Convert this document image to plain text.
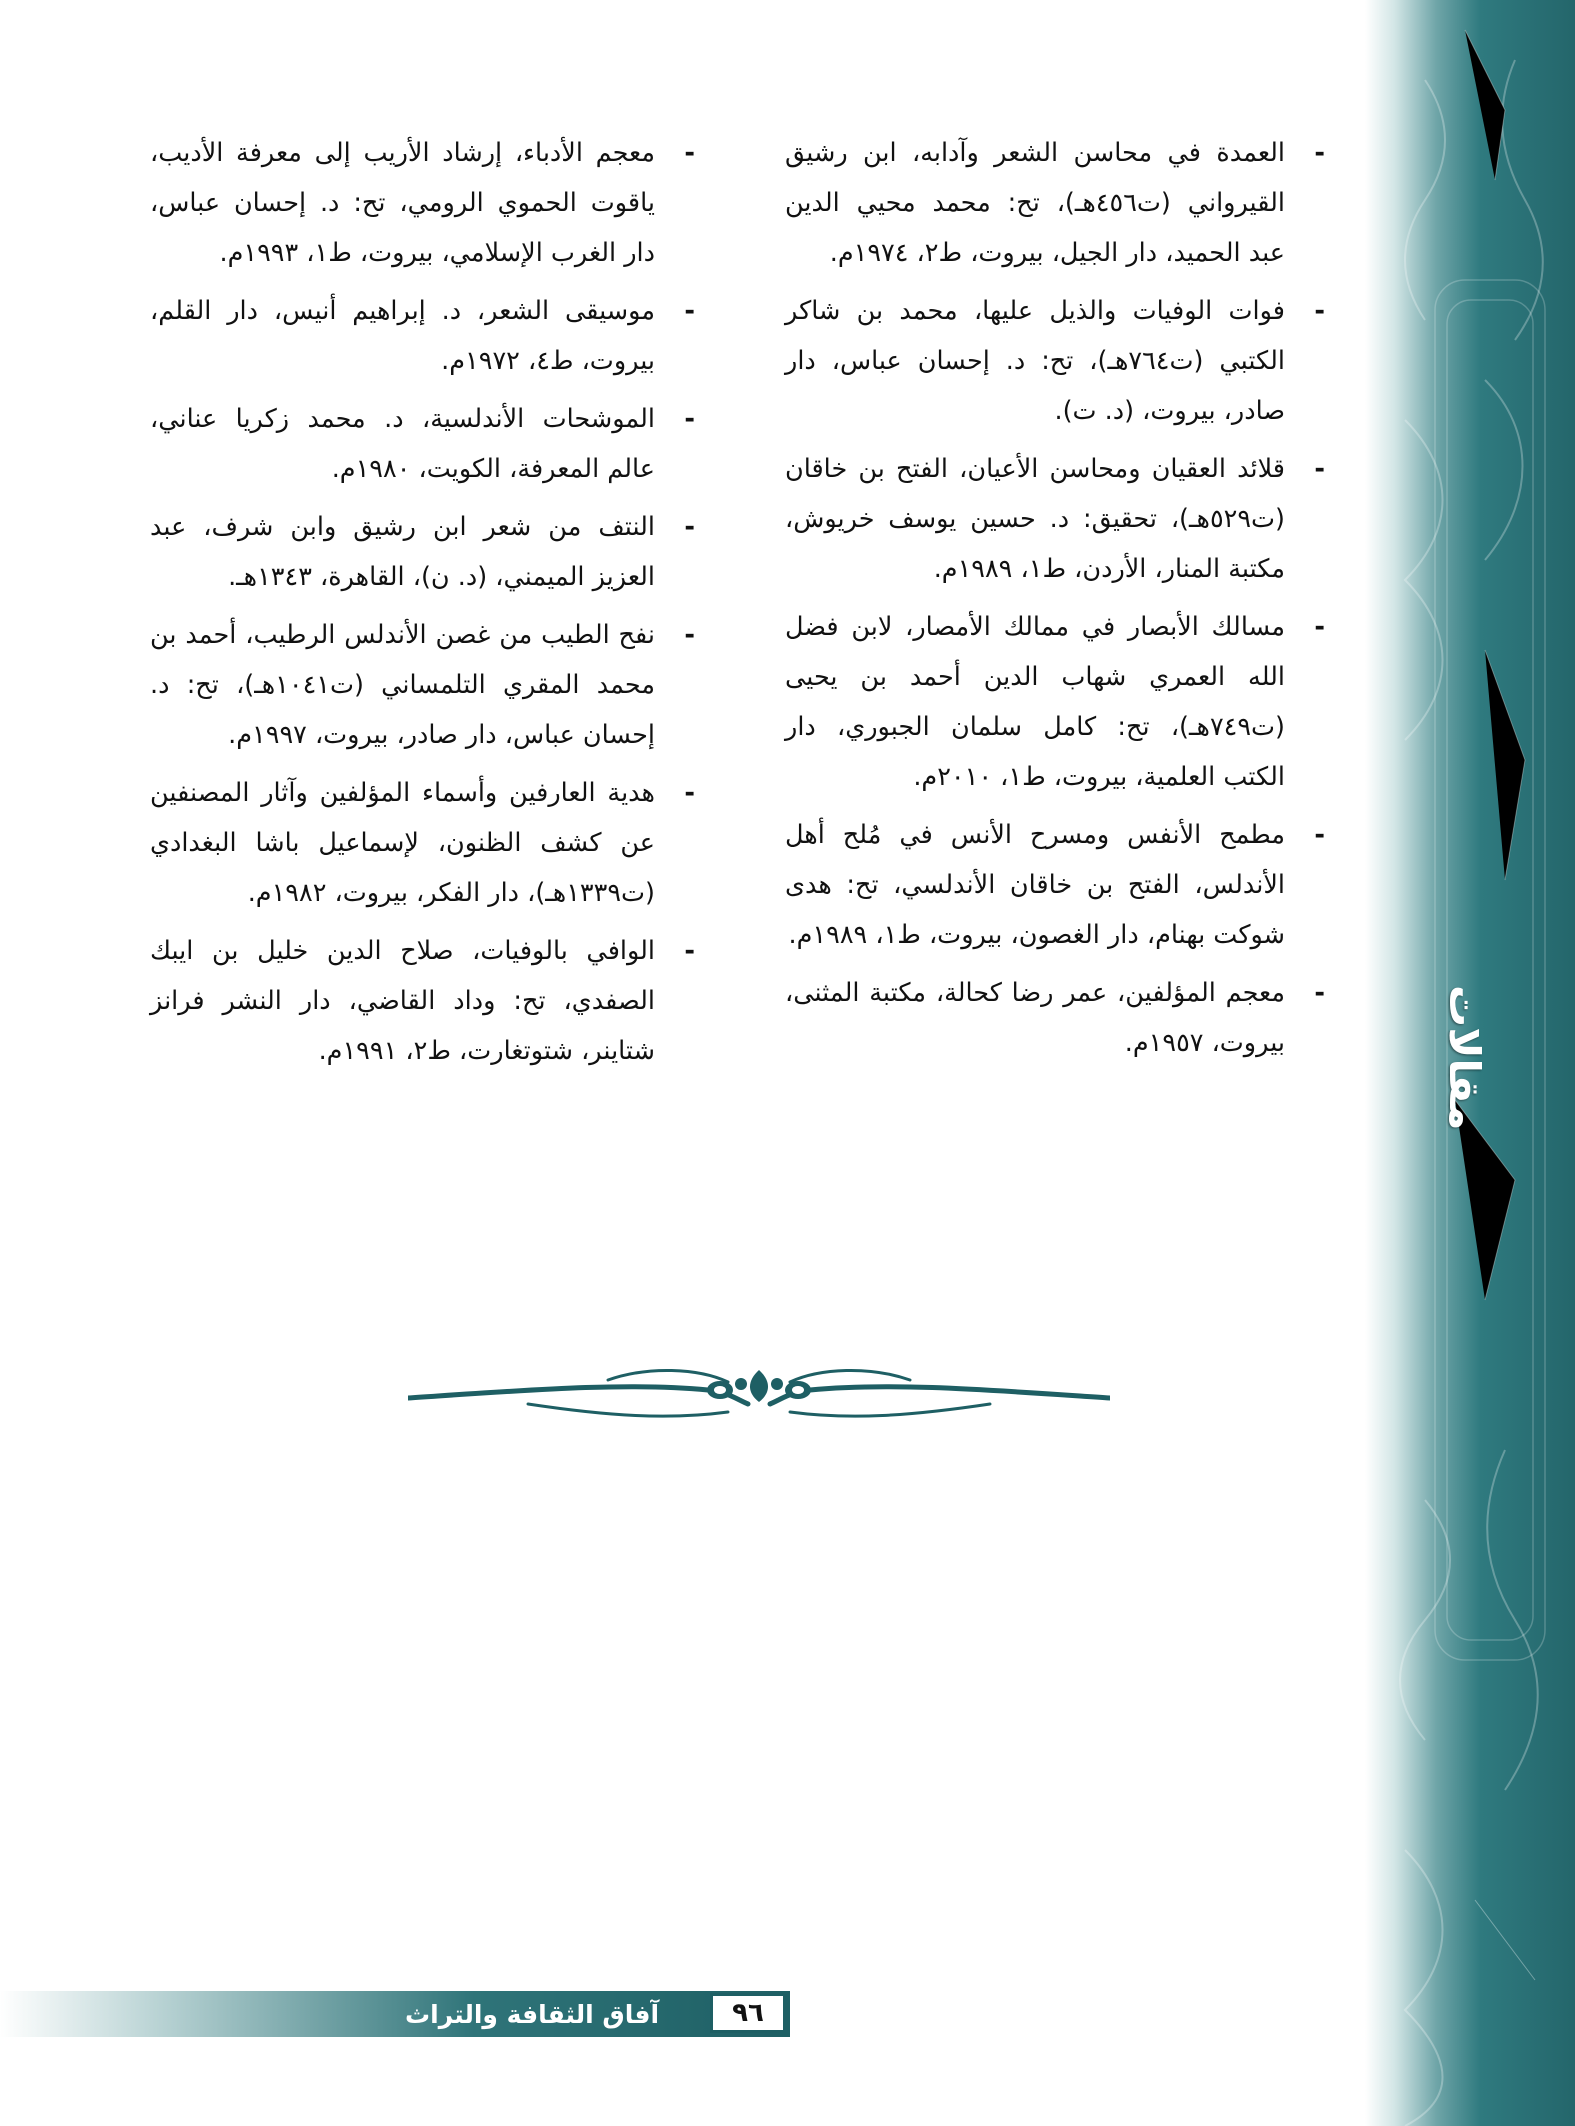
مقالات
-
العمدة في محاسن الشعر وآدابه، ابن رشيق القيرواني (ت٤٥٦هـ)، تح: محمد محيي الدين عبد الحميد، دار الجيل، بيروت، ط٢، ١٩٧٤م.
-
فوات الوفيات والذيل عليها، محمد بن شاكر الكتبي (ت٧٦٤هـ)، تح: د. إحسان عباس، دار صادر، بيروت، (د. ت).
-
قلائد العقيان ومحاسن الأعيان، الفتح بن خاقان (ت٥٢٩هـ)، تحقيق: د. حسين يوسف خريوش، مكتبة المنار، الأردن، ط١، ١٩٨٩م.
-
مسالك الأبصار في ممالك الأمصار، لابن فضل الله العمري شهاب الدين أحمد بن يحيى (ت٧٤٩هـ)، تح: كامل سلمان الجبوري، دار الكتب العلمية، بيروت، ط١، ٢٠١٠م.
-
مطمح الأنفس ومسرح الأنس في مُلح أهل الأندلس، الفتح بن خاقان الأندلسي، تح: هدى شوكت بهنام، دار الغصون، بيروت، ط١، ١٩٨٩م.
-
معجم المؤلفين، عمر رضا كحالة، مكتبة المثنى، بيروت، ١٩٥٧م.
-
معجم الأدباء، إرشاد الأريب إلى معرفة الأديب، ياقوت الحموي الرومي، تح: د. إحسان عباس، دار الغرب الإسلامي، بيروت، ط١، ١٩٩٣م.
-
موسيقى الشعر، د. إبراهيم أنيس، دار القلم، بيروت، ط٤، ١٩٧٢م.
-
الموشحات الأندلسية، د. محمد زكريا عناني، عالم المعرفة، الكويت، ١٩٨٠م.
-
النتف من شعر ابن رشيق وابن شرف، عبد العزيز الميمني، (د. ن)، القاهرة، ١٣٤٣هـ.
-
نفح الطيب من غصن الأندلس الرطيب، أحمد بن محمد المقري التلمساني (ت١٠٤١هـ)، تح: د. إحسان عباس، دار صادر، بيروت، ١٩٩٧م.
-
هدية العارفين وأسماء المؤلفين وآثار المصنفين عن كشف الظنون، لإسماعيل باشا البغدادي (ت١٣٣٩هـ)، دار الفكر، بيروت، ١٩٨٢م.
-
الوافي بالوفيات، صلاح الدين خليل بن ايبك الصفدي، تح: وداد القاضي، دار النشر فرانز شتاينر، شتوتغارت، ط٢، ١٩٩١م.
آفاق الثقافة والتراث	٩٦
